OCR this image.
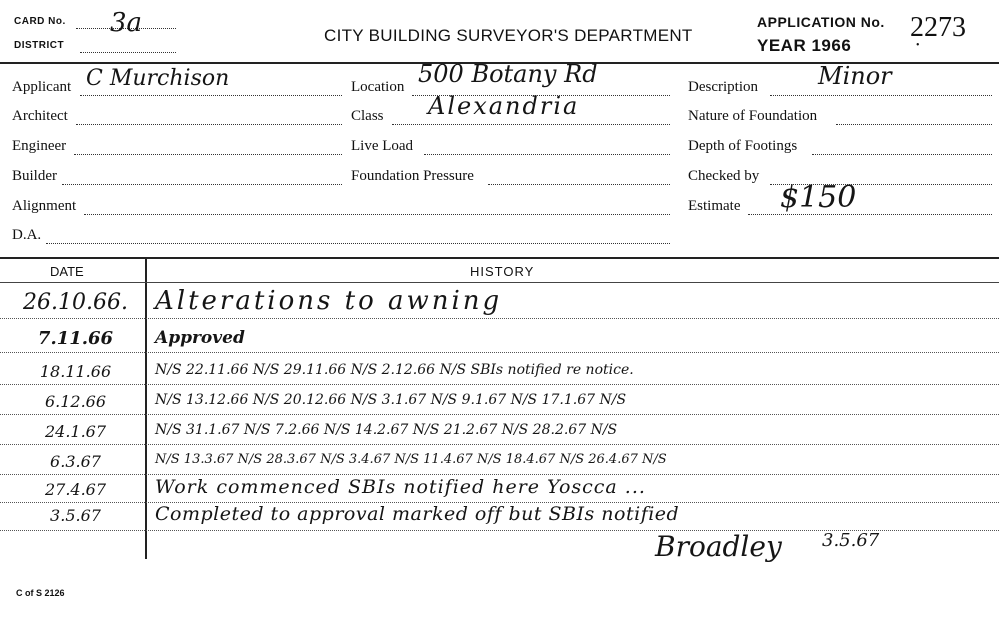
CARD No. 3a
DISTRICT
CITY BUILDING SURVEYOR'S DEPARTMENT
APPLICATION No. 2273
YEAR 1966	•
Applicant C Murchison
Architect
Engineer
Builder
Alignment
D.A.
Location 500 Botany Rd
Class Alexandria
Live Load
Foundation Pressure
Description	Minor
Nature of Foundation
Depth of Footings
Checked by
Estimate $150
DATE	HISTORY
26.10.66.	Alterations to awning
7.11.66	Approved
18.11.66	N/S 22.11.66 N/S 29.11.66 N/S 2.12.66 N/S SBIs notified re notice.
6.12.66	N/S 13.12.66 N/S 20.12.66 N/S 3.1.67 N/S 9.1.67 N/S 17.1.67 N/S
24.1.67	N/S 31.1.67 N/S 7.2.66 N/S 14.2.67 N/S 21.2.67 N/S 28.2.67 N/S
6.3.67	N/S 13.3.67 N/S 28.3.67 N/S 3.4.67 N/S 11.4.67 N/S 18.4.67 N/S 26.4.67 N/S
27.4.67	Work commenced SBIs notified here Yoscca ...
3.5.67	Completed to approval marked off but SBIs notified
Broadley 3.5.67
C of S 2126
